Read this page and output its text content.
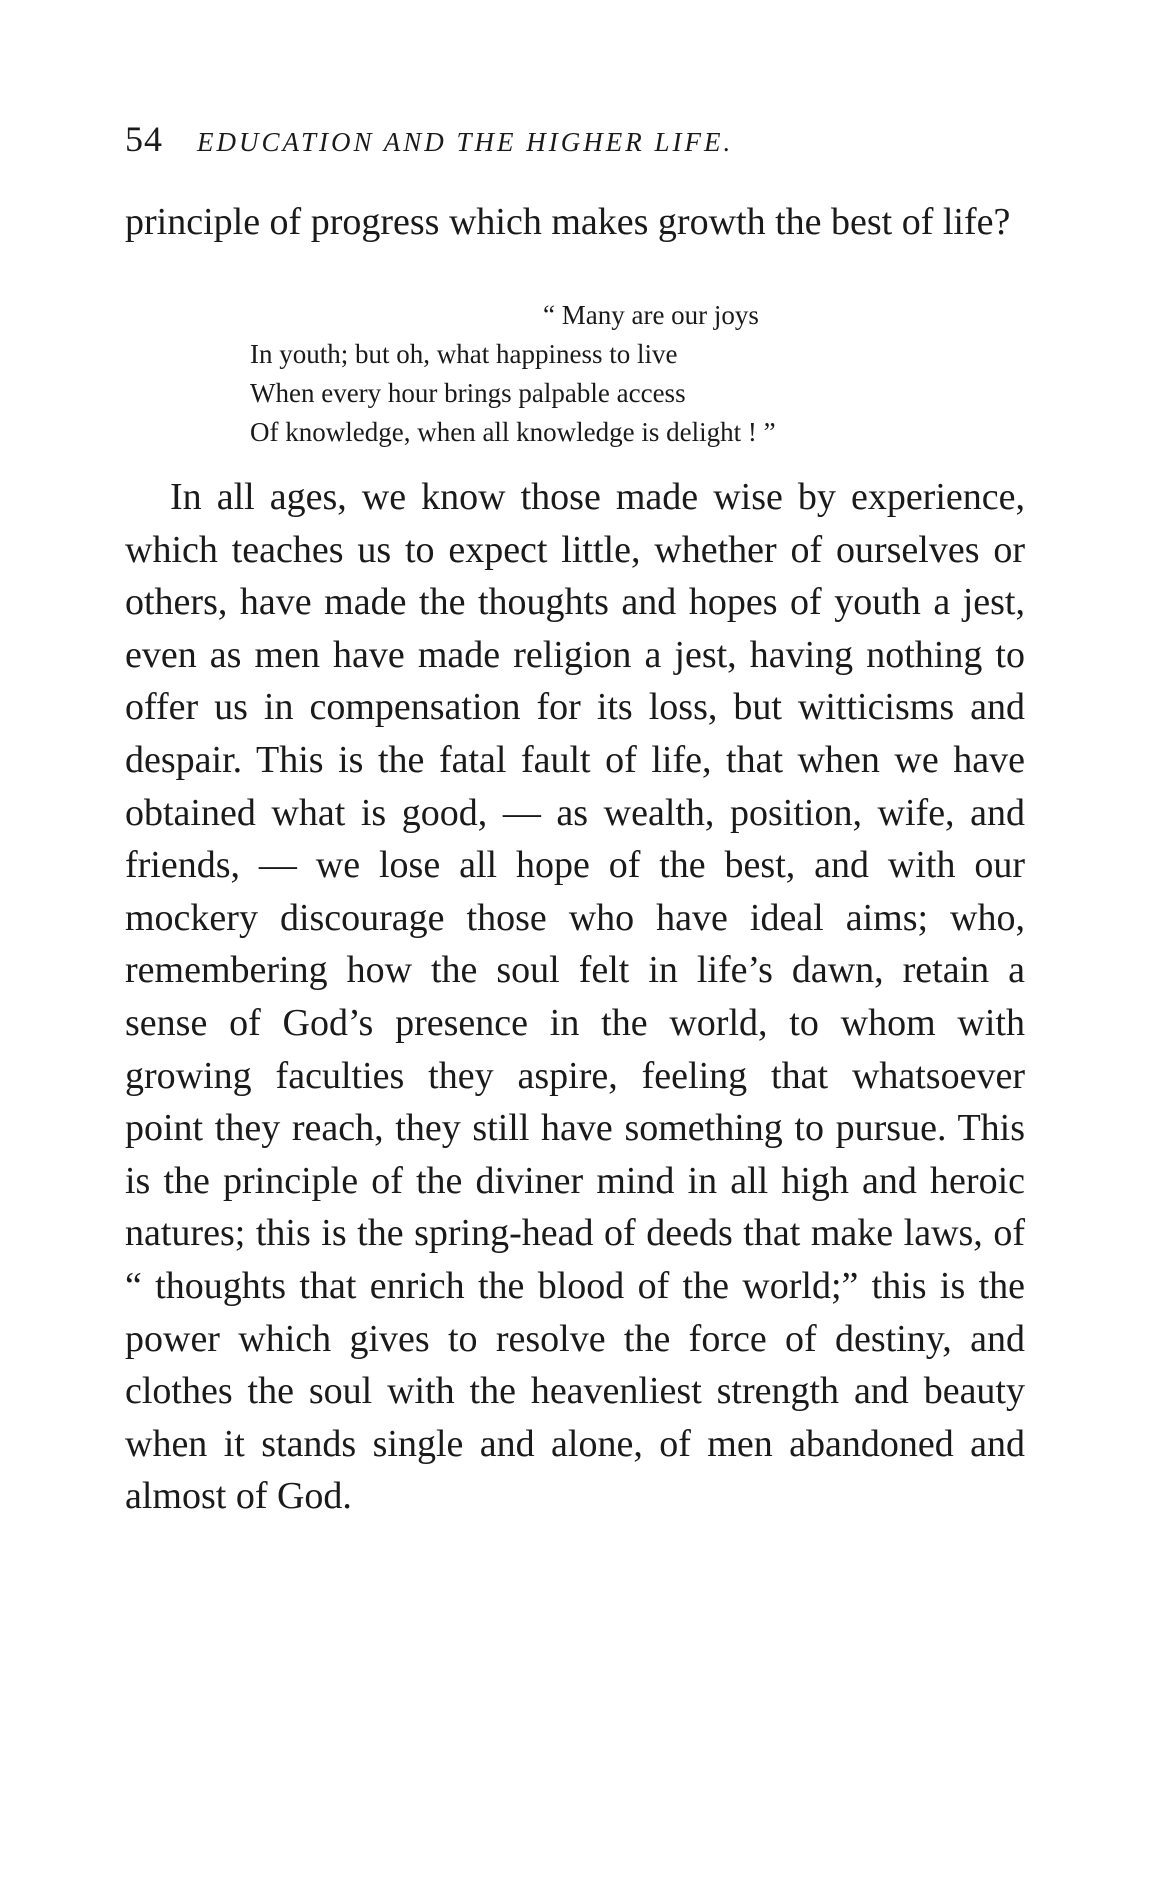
54 EDUCATION AND THE HIGHER LIFE.

principle of progress which makes growth the best of life?

“ Many are our joys
In youth; but oh, what happiness to live
When every hour brings palpable access
Of knowledge, when all knowledge is delight ! ”

In all ages, we know those made wise by experience, which teaches us to expect little, whether of ourselves or others, have made the thoughts and hopes of youth a jest, even as men have made religion a jest, having nothing to offer us in compensation for its loss, but witticisms and despair. This is the fatal fault of life, that when we have obtained what is good, — as wealth, position, wife, and friends, — we lose all hope of the best, and with our mockery discourage those who have ideal aims; who, remembering how the soul felt in life’s dawn, retain a sense of God’s presence in the world, to whom with growing faculties they aspire, feeling that whatsoever point they reach, they still have something to pursue. This is the principle of the diviner mind in all high and heroic natures; this is the spring-head of deeds that make laws, of “ thoughts that enrich the blood of the world;” this is the power which gives to resolve the force of destiny, and clothes the soul with the heavenliest strength and beauty when it stands single and alone, of men abandoned and almost of God.
